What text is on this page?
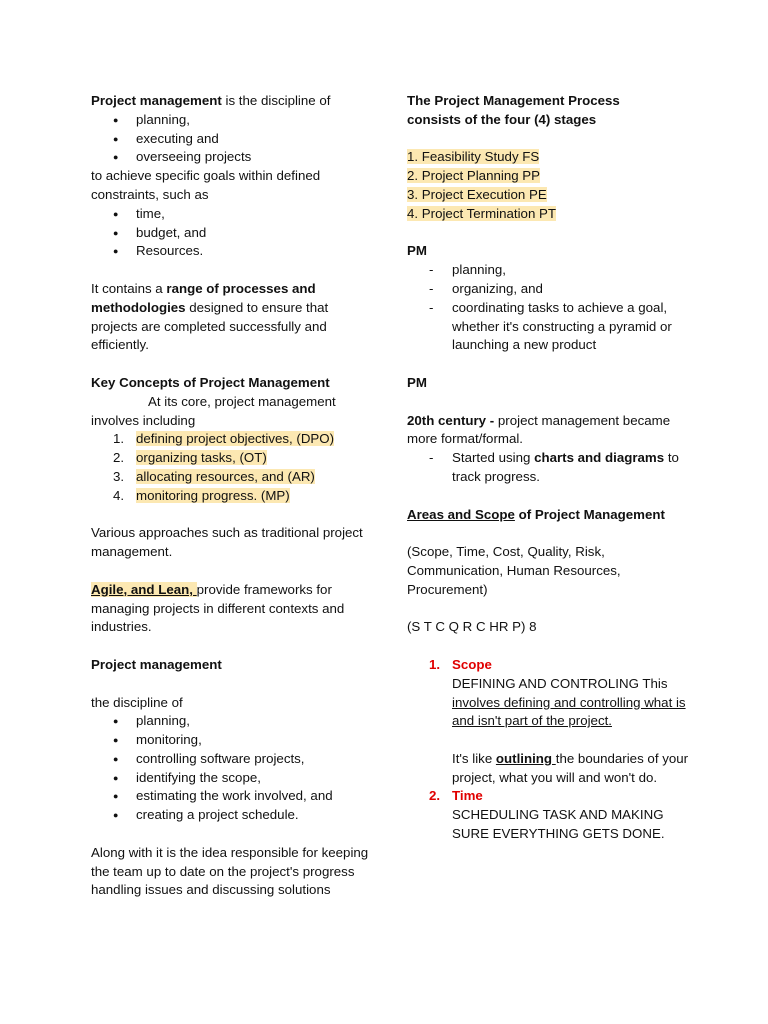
Project management is the discipline of

● planning,
● executing and
● overseeing projects

to achieve specific goals within defined constraints, such as

● time,
● budget, and
● Resources.

It contains a range of processes and methodologies designed to ensure that projects are completed successfully and efficiently.

Key Concepts of Project Management

At its core, project management involves including

1. defining project objectives, (DPO)
2. organizing tasks, (OT)
3. allocating resources, and (AR)
4. monitoring progress. (MP)

Various approaches such as traditional project management.

Agile, and Lean, provide frameworks for managing projects in different contexts and industries.

Project management

the discipline of

● planning,
● monitoring,
● controlling software projects,
● identifying the scope,
● estimating the work involved, and
● creating a project schedule.

Along with it is the idea responsible for keeping the team up to date on the project's progress handling issues and discussing solutions

The Project Management Process

consists of the four (4) stages

1. Feasibility Study FS

2. Project Planning PP

3. Project Execution PE

4. Project Termination PT

PM

- planning,
- organizing, and
- coordinating tasks to achieve a goal, whether it's constructing a pyramid or launching a new product

PM

20th century - project management became more format/formal.

- Started using charts and diagrams to track progress.

Areas and Scope of Project Management

(Scope, Time, Cost, Quality, Risk, Communication, Human Resources, Procurement)

(S T C Q R C HR P) 8

1. Scope

DEFINING AND CONTROLING This involves defining and controlling what is and isn't part of the project.

It's like outlining the boundaries of your project, what you will and won't do.

2. Time

SCHEDULING TASK AND MAKING SURE EVERYTHING GETS DONE.
